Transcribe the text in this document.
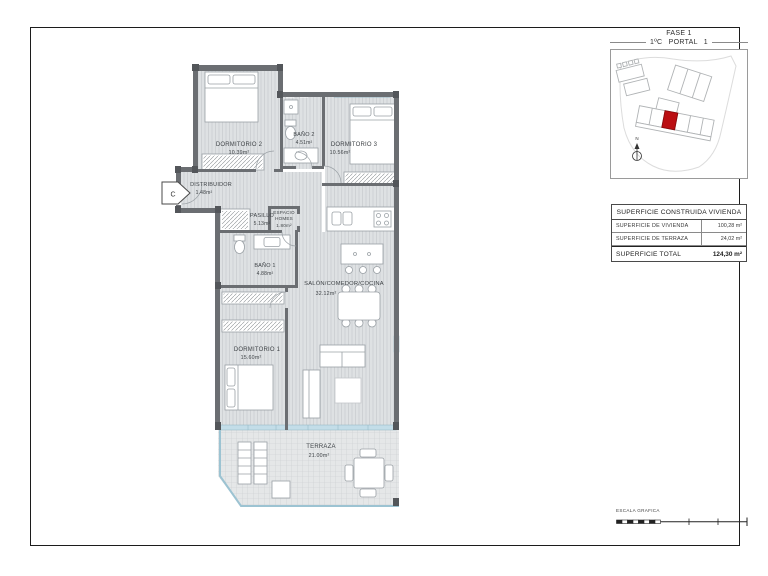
C
DORMITORIO 2
10.39m²
BAÑO 2
4.51m²	DORMITORIO 3
10.56m²
DISTRIBUIDOR
1.48m²
PASILLO
5.13m²
ESPACIO
HOMES
1.80m²
BAÑO 1
4.88m²
SALÓN/COMEDOR/COCINA
32.12m²
DORMITORIO 1
15.60m²
TERRAZA
21.00m²
FASE 1
1ºC PORTAL 1
N
SUPERFICIE CONSTRUIDA VIVIENDA
SUPERFICIE DE VIVIENDA	100,28 m²
SUPERFICIE DE TERRAZA	24,02 m²
SUPERFICIE TOTAL	124,30 m²
ESCALA GRAFICA
